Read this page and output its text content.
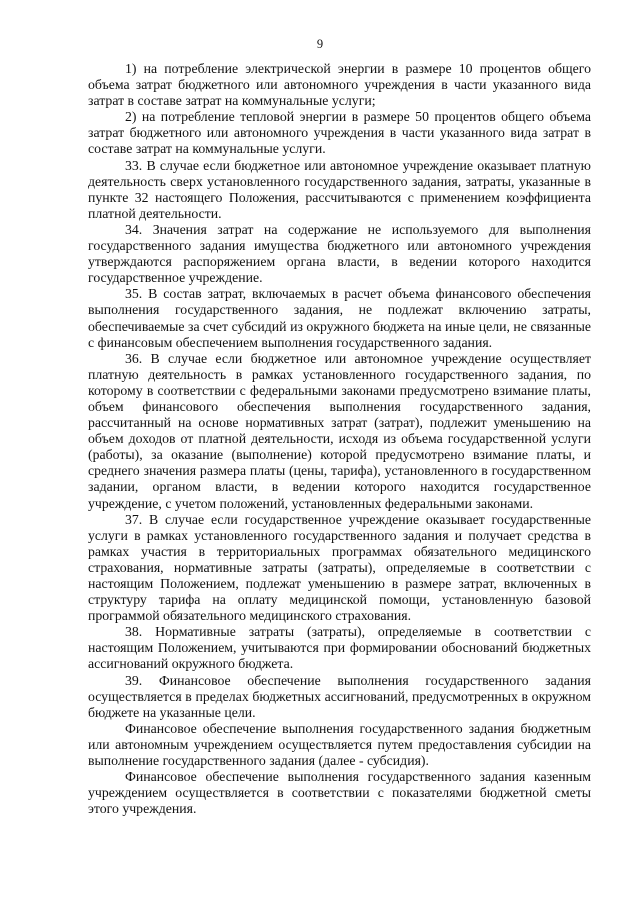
9

1) на потребление электрической энергии в размере 10 процентов общего объема затрат бюджетного или автономного учреждения в части указанного вида затрат в составе затрат на коммунальные услуги;

2) на потребление тепловой энергии в размере 50 процентов общего объема затрат бюджетного или автономного учреждения в части указанного вида затрат в составе затрат на коммунальные услуги.

33. В случае если бюджетное или автономное учреждение оказывает платную деятельность сверх установленного государственного задания, затраты, указанные в пункте 32 настоящего Положения, рассчитываются с применением коэффициента платной деятельности.

34. Значения затрат на содержание не используемого для выполнения государственного задания имущества бюджетного или автономного учреждения утверждаются распоряжением органа власти, в ведении которого находится государственное учреждение.

35. В состав затрат, включаемых в расчет объема финансового обеспечения выполнения государственного задания, не подлежат включению затраты, обеспечиваемые за счет субсидий из окружного бюджета на иные цели, не связанные с финансовым обеспечением выполнения государственного задания.

36. В случае если бюджетное или автономное учреждение осуществляет платную деятельность в рамках установленного государственного задания, по которому в соответствии с федеральными законами предусмотрено взимание платы, объем финансового обеспечения выполнения государственного задания, рассчитанный на основе нормативных затрат (затрат), подлежит уменьшению на объем доходов от платной деятельности, исходя из объема государственной услуги (работы), за оказание (выполнение) которой предусмотрено взимание платы, и среднего значения размера платы (цены, тарифа), установленного в государственном задании, органом власти, в ведении которого находится государственное учреждение, с учетом положений, установленных федеральными законами.

37. В случае если государственное учреждение оказывает государственные услуги в рамках установленного государственного задания и получает средства в рамках участия в территориальных программах обязательного медицинского страхования, нормативные затраты (затраты), определяемые в соответствии с настоящим Положением, подлежат уменьшению в размере затрат, включенных в структуру тарифа на оплату медицинской помощи, установленную базовой программой обязательного медицинского страхования.

38. Нормативные затраты (затраты), определяемые в соответствии с настоящим Положением, учитываются при формировании обоснований бюджетных ассигнований окружного бюджета.

39. Финансовое обеспечение выполнения государственного задания осуществляется в пределах бюджетных ассигнований, предусмотренных в окружном бюджете на указанные цели.

Финансовое обеспечение выполнения государственного задания бюджетным или автономным учреждением осуществляется путем предоставления субсидии на выполнение государственного задания (далее - субсидия).

Финансовое обеспечение выполнения государственного задания казенным учреждением осуществляется в соответствии с показателями бюджетной сметы этого учреждения.
